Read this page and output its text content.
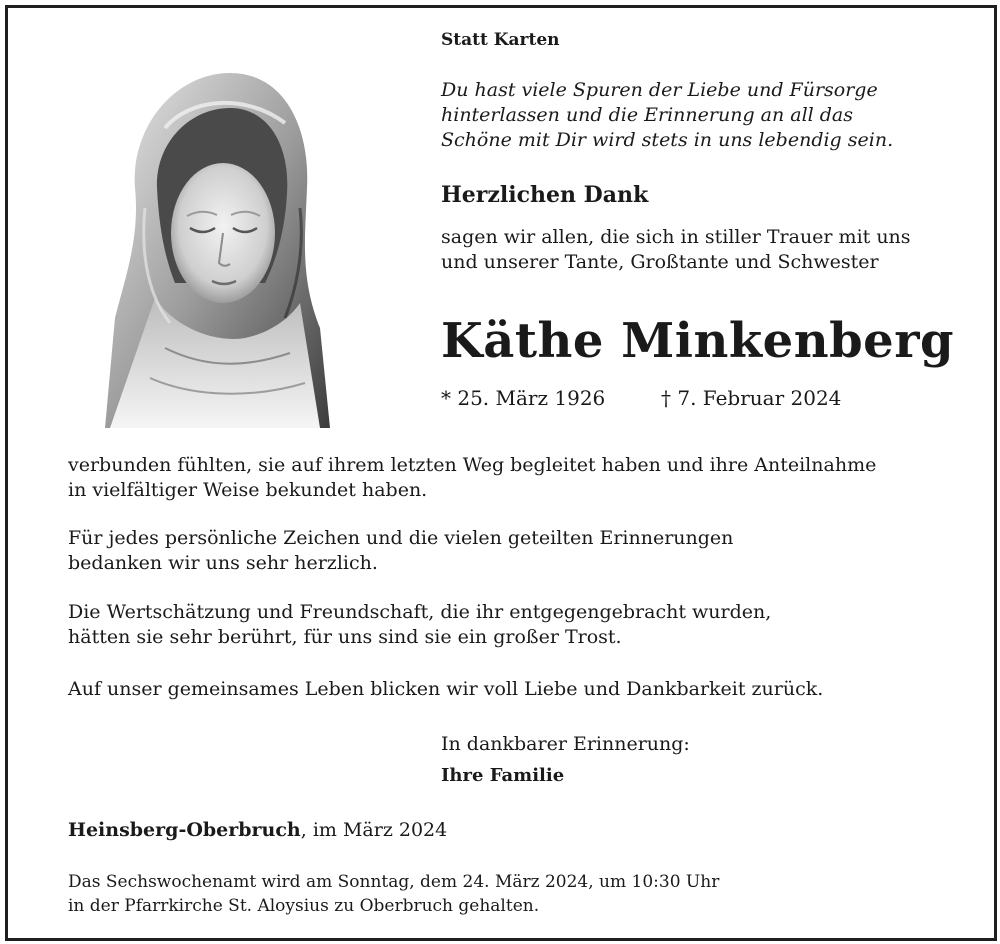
Statt Karten
Du hast viele Spuren der Liebe und Fürsorge
hinterlassen und die Erinnerung an all das
Schöne mit Dir wird stets in uns lebendig sein.
Herzlichen Dank
sagen wir allen, die sich in stiller Trauer mit uns
und unserer Tante, Großtante und Schwester
Käthe Minkenberg
* 25. März 1926	† 7. Februar 2024
verbunden fühlten, sie auf ihrem letzten Weg begleitet haben und ihre Anteilnahme
in vielfältiger Weise bekundet haben.
Für jedes persönliche Zeichen und die vielen geteilten Erinnerungen
bedanken wir uns sehr herzlich.
Die Wertschätzung und Freundschaft, die ihr entgegengebracht wurden,
hätten sie sehr berührt, für uns sind sie ein großer Trost.
Auf unser gemeinsames Leben blicken wir voll Liebe und Dankbarkeit zurück.
In dankbarer Erinnerung:
Ihre Familie
Heinsberg-Oberbruch, im März 2024
Das Sechswochenamt wird am Sonntag, dem 24. März 2024, um 10:30 Uhr
in der Pfarrkirche St. Aloysius zu Oberbruch gehalten.
